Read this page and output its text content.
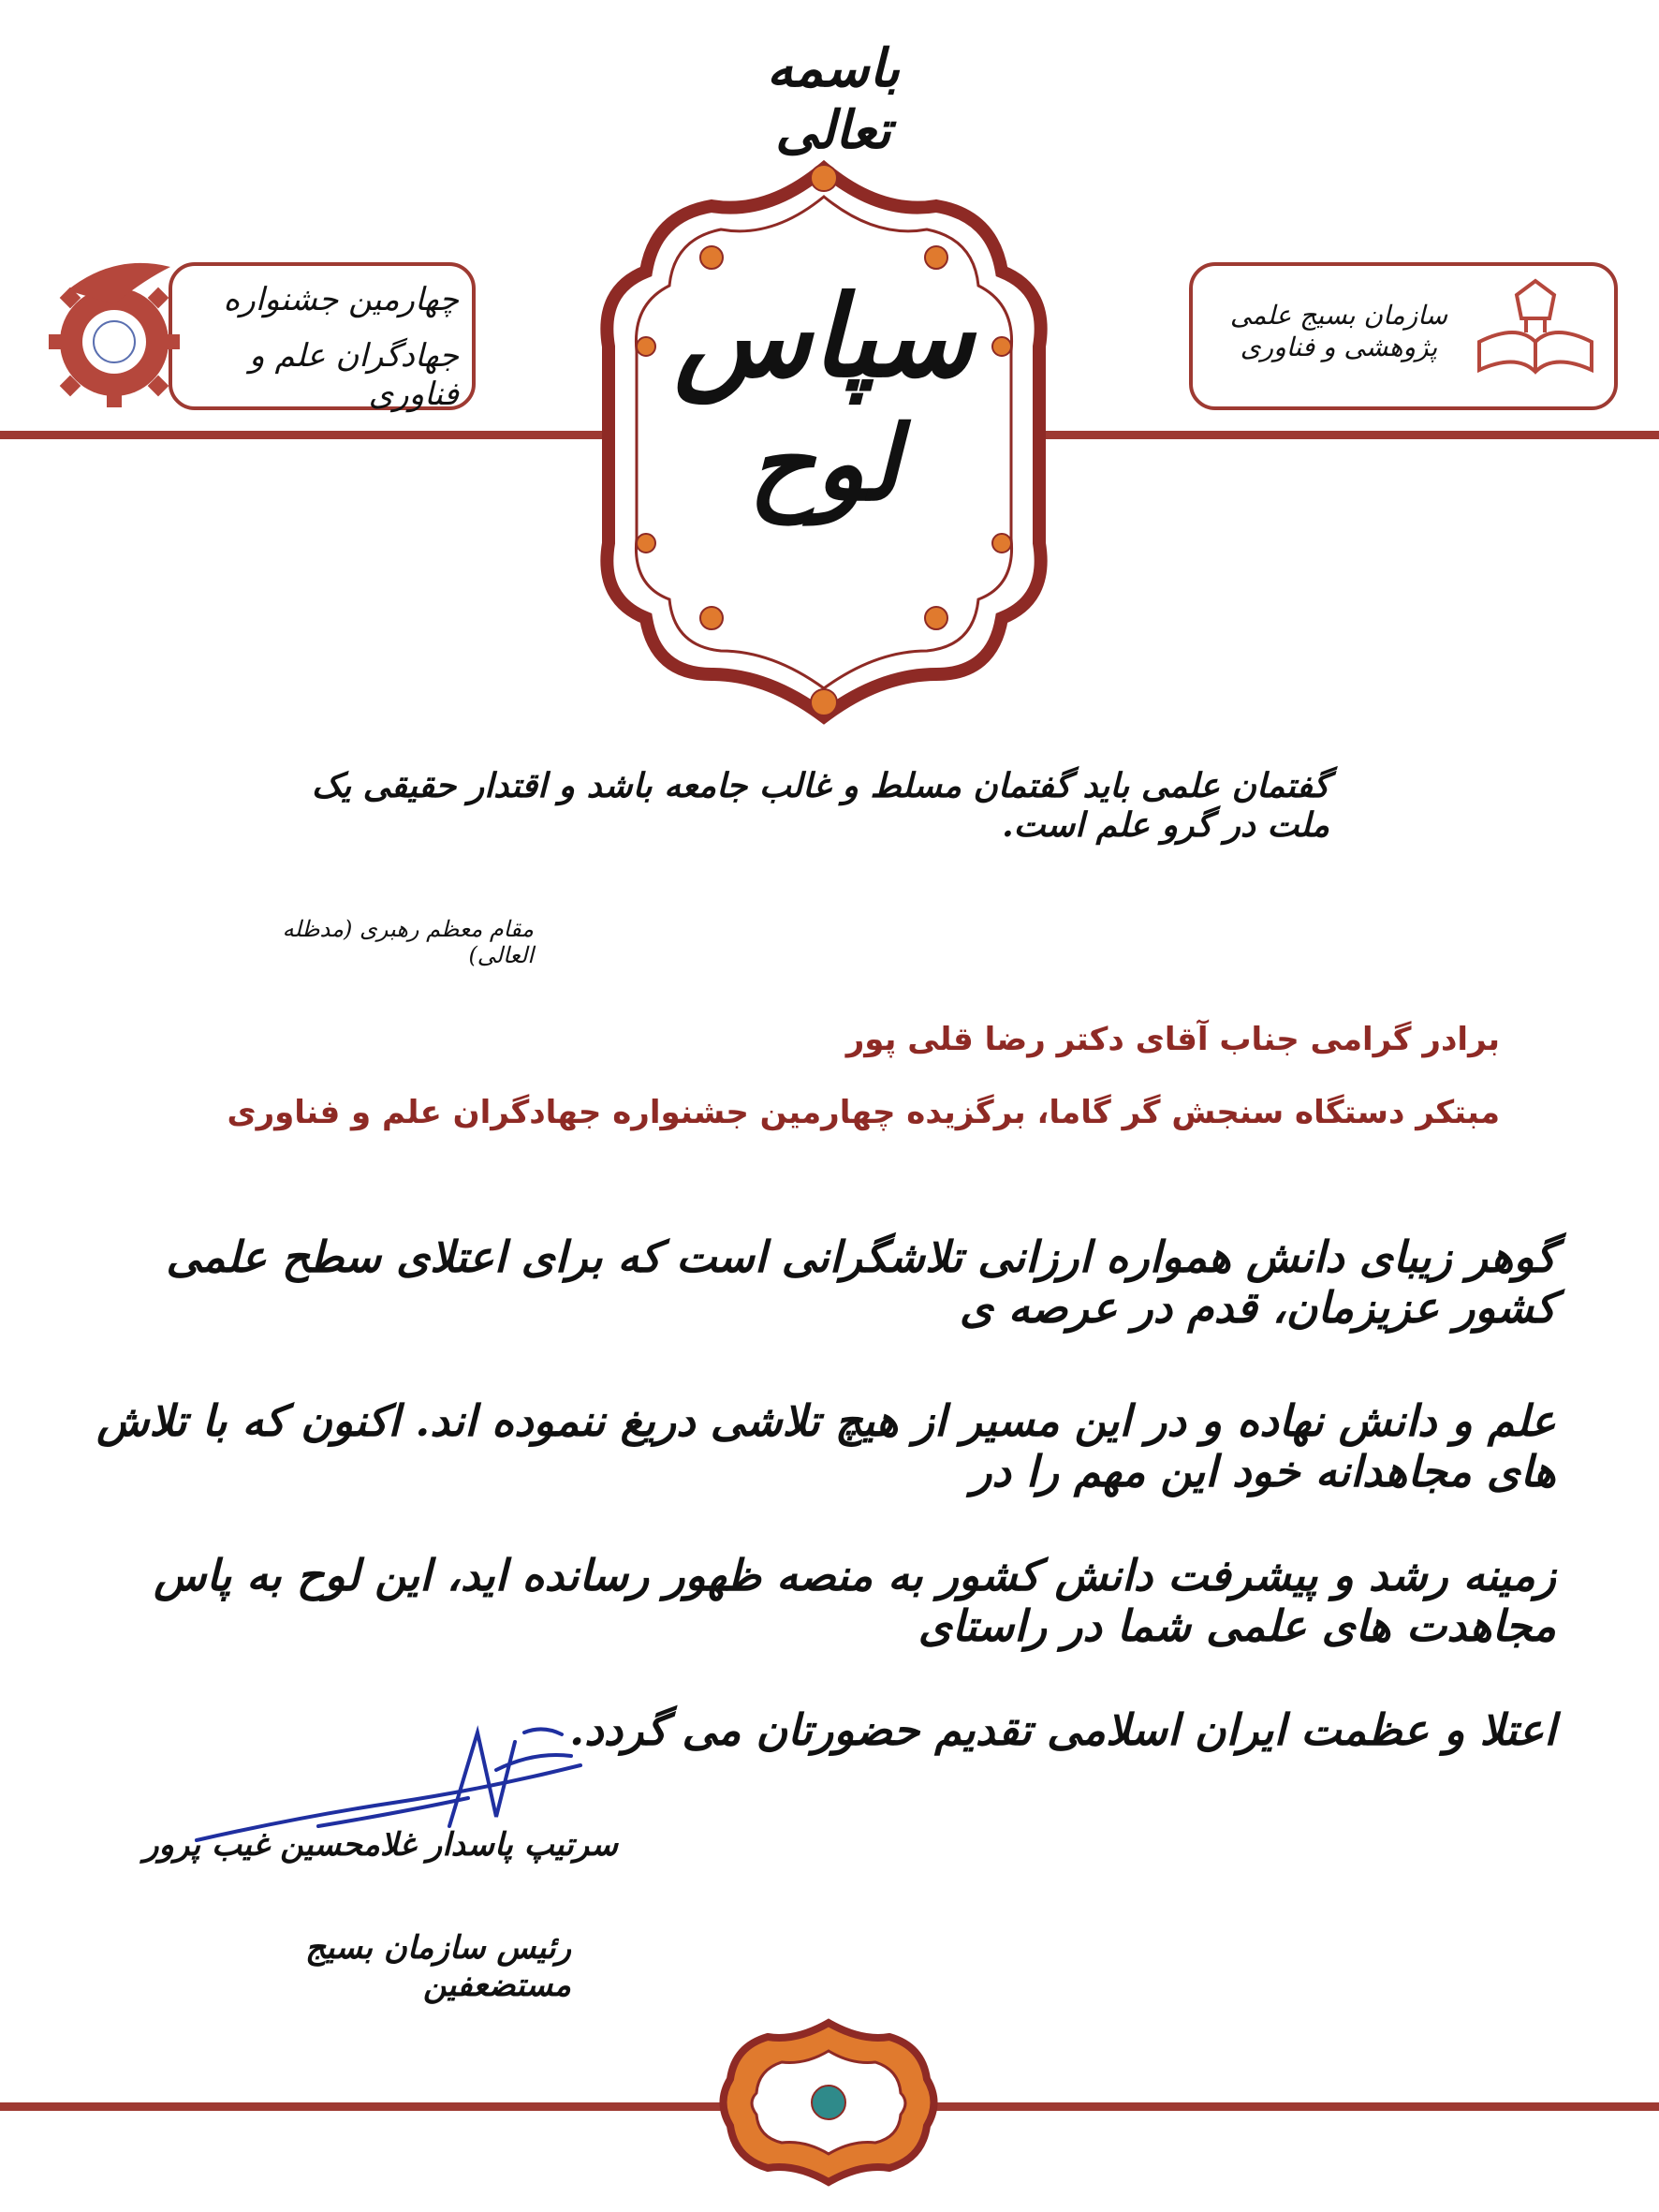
باسمه تعالی
سپاس
لوح
چهارمین جشنواره
جهادگران علم و فناوری
سازمان بسیج علمی پژوهشی و فناوری
گفتمان علمی باید گفتمان مسلط و غالب جامعه باشد و اقتدار حقیقی یک ملت در گرو علم است.
مقام معظم رهبری (مدظله العالی)
برادر گرامی جناب آقای دکتر رضا قلی پور
مبتکر دستگاه سنجش گر گاما، برگزیده چهارمین جشنواره جهادگران علم و فناوری
گوهر زیبای دانش همواره ارزانی تلاشگرانی است که برای اعتلای سطح علمی کشور عزیزمان، قدم در عرصه ی
علم و دانش نهاده و در این مسیر از هیچ تلاشی دریغ ننموده اند. اکنون که با تلاش های مجاهدانه خود این مهم را در
زمینه رشد و پیشرفت دانش کشور به منصه ظهور رسانده اید، این لوح به پاس مجاهدت های علمی شما در راستای
اعتلا و عظمت ایران اسلامی تقدیم حضورتان می گردد.
سرتیپ پاسدار غلامحسین غیب پرور
رئیس سازمان بسیج مستضعفین
